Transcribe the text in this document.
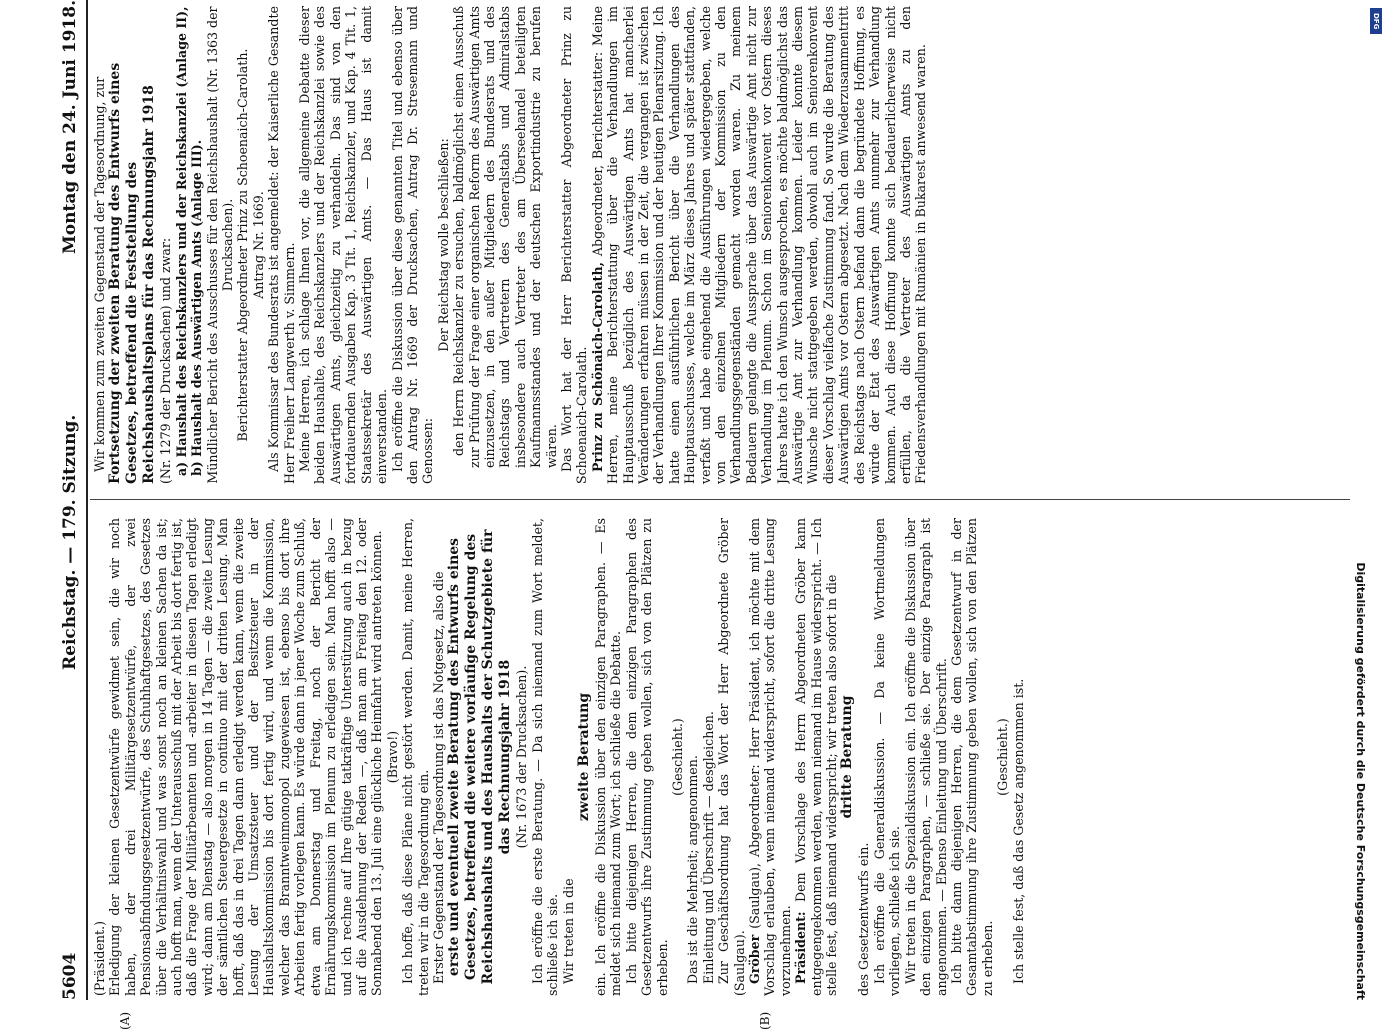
5604
Reichstag. — 179. Sitzung.
Montag den 24. Juni 1918.
(A)	(B)

(Präsident.) Erledigung der kleinen Gesetzentwürfe gewidmet sein, die wir noch haben, der drei Militärgesetzentwürfe, der zwei Pensionsabfindungsgesetzentwürfe, des Schuhhaftgesetzes, des Gesetzes über die Verhältniswahl und was sonst noch an kleinen Sachen da ist; auch hofft man, wenn der Unterausschuß mit der Arbeit bis dort fertig ist, daß die Frage der Militärbeamten und -arbeiter in diesen Tagen erledigt wird; dann am Dienstag — also morgen in 14 Tagen — die zweite Lesung der sämtlichen Steuergesetze in continuo mit der dritten Lesung. Man hofft, daß das in drei Tagen dann erledigt werden kann, wenn die zweite Lesung der Umsatzsteuer und der Besitzsteuer in der Haushaltskommission bis dort fertig wird, und wenn die Kommission, welcher das Branntweinmonopol zugewiesen ist, ebenso bis dort ihre Arbeiten fertig vorlegen kann. Es würde dann in jener Woche zum Schluß, etwa am Donnerstag und Freitag, noch der Bericht der Ernährungskommission im Plenum zu erledigen sein. Man hofft also — und ich rechne auf Ihre gütige tatkräftige Unterstützung auch in bezug auf die Ausdehnung der Reden —, daß man am Freitag den 12. oder Sonnabend den 13. Juli eine glückliche Heimfahrt wird antreten können. (Bravo!) Ich hoffe, daß diese Pläne nicht gestört werden. Damit, meine Herren, treten wir in die Tagesordnung ein. Erster Gegenstand der Tagesordnung ist das Notgesetz, also die erste und eventuell zweite Beratung des Entwurfs eines Gesetzes, betreffend die weitere vorläufige Regelung des Reichshaushalts und des Haushalts der Schutzgebiete für das Rechnungsjahr 1918 (Nr. 1673 der Drucksachen). Ich eröffne die erste Beratung. — Da sich niemand zum Wort meldet, schließe ich sie. Wir treten in die

zweite Beratung ein. Ich eröffne die Diskussion über den einzigen Paragraphen. — Es meldet sich niemand zum Wort; ich schließe die Debatte. Ich bitte diejenigen Herren, die dem einzigen Paragraphen des Gesetzentwurfs ihre Zustimmung geben wollen, sich von den Plätzen zu erheben.

(Geschieht.) Das ist die Mehrheit; angenommen. Einleitung und Überschrift — desgleichen. Zur Geschäftsordnung hat das Wort der Herr Abgeordnete Gröber (Saulgau). Gröber (Saulgau), Abgeordneter: Herr Präsident, ich möchte mit dem Vorschlag erlauben, wenn niemand widerspricht, sofort die dritte Lesung vorzunehmen. Präsident: Dem Vorschlage des Herrn Abgeordneten Gröber kann entgegengekommen werden, wenn niemand im Hause widerspricht. — Ich stelle fest, daß niemand widerspricht; wir treten also sofort in die dritte Beratung

des Gesetzentwurfs ein. Ich eröffne die Generaldiskussion. — Da keine Wortmeldungen vorliegen, schließe ich sie. Wir treten in die Spezialdiskussion ein. Ich eröffne die Diskussion über den einzigen Paragraphen, — schließe sie. Der einzige Paragraph ist angenommen. — Ebenso Einleitung und Überschrift. Ich bitte dann diejenigen Herren, die dem Gesetzentwurf in der Gesamtabstimmung ihre Zustimmung geben wollen, sich von den Plätzen zu erheben.

(Geschieht.) Ich stelle fest, daß das Gesetz angenommen ist.

Wir kommen zum zweiten Gegenstand der Tagesordnung, zur Fortsetzung der zweiten Beratung des Entwurfs eines Gesetzes, betreffend die Feststellung des Reichshaushaltsplans für das Rechnungsjahr 1918 (Nr. 1279 der Drucksachen) und zwar: a) Haushalt des Reichskanzlers und der Reichskanzlei (Anlage II), b) Haushalt des Auswärtigen Amts (Anlage III). Mündlicher Bericht des Ausschusses für den Reichshaushalt (Nr. 1363 der Drucksachen). Berichterstatter Abgeordneter Prinz zu Schoenaich-Carolath. Antrag Nr. 1669. Als Kommissar des Bundesrats ist angemeldet: der Kaiserliche Gesandte Herr Freiherr Langwerth v. Simmern. Meine Herren, ich schlage Ihnen vor, die allgemeine Debatte dieser beiden Haushalte, des Reichskanzlers und der Reichskanzlei sowie des Auswärtigen Amts, gleichzeitig zu verhandeln. Das sind von den fortdauernden Ausgaben Kap. 3 Tit. 1, Reichskanzler, und Kap. 4 Tit. 1, Staatssekretär des Auswärtigen Amts. — Das Haus ist damit einverstanden. Ich eröffne die Diskussion über diese genannten Titel und ebenso über den Antrag Nr. 1669 der Drucksachen, Antrag Dr. Stresemann und Genossen:

Der Reichstag wolle beschließen: den Herrn Reichskanzler zu ersuchen, baldmöglichst einen Ausschuß zur Prüfung der Frage einer organischen Reform des Auswärtigen Amts einzusetzen, in den außer Mitgliedern des Bundesrats und des Reichstags und Vertretern des Generalstabs und Admiralstabs insbesondere auch Vertreter des am Überseehandel beteiligten Kaufmannsstandes und der deutschen Exportindustrie zu berufen wären. Das Wort hat der Herr Berichterstatter Abgeordneter Prinz zu Schoenaich-Carolath. Prinz zu Schönaich-Carolath, Abgeordneter, Berichterstatter: Meine Herren, meine Berichterstattung über die Verhandlungen im Hauptausschuß bezüglich des Auswärtigen Amts hat mancherlei Veränderungen erfahren müssen in der Zeit, die vergangen ist zwischen der Verhandlungen Ihrer Kommission und der heutigen Plenarsitzung. Ich hatte einen ausführlichen Bericht über die Verhandlungen des Hauptausschusses, welche im März dieses Jahres und später stattfanden, verfaßt und habe eingehend die Ausführungen wiedergegeben, welche von den einzelnen Mitgliedern der Kommission zu den Verhandlungsgegenständen gemacht worden waren. Zu meinem Bedauern gelangte die Aussprache über das Auswärtige Amt nicht zur Verhandlung im Plenum. Schon im Seniorenkonvent vor Ostern dieses Jahres hatte ich den Wunsch ausgesprochen, es möchte baldmöglichst das Auswärtige Amt zur Verhandlung kommen. Leider konnte diesem Wunsche nicht stattgegeben werden, obwohl auch im Seniorenkonvent dieser Vorschlag vielfache Zustimmung fand. So wurde die Beratung des Auswärtigen Amts vor Ostern abgesetzt. Nach dem Wiederzusammentritt des Reichstags nach Ostern befand dann die begründete Hoffnung, es würde der Etat des Auswärtigen Amts nunmehr zur Verhandlung kommen. Auch diese Hoffnung konnte sich bedauerlicherweise nicht erfüllen, da die Vertreter des Auswärtigen Amts zu den Friedensverhandlungen mit Rumänien in Bukarest anwesend waren.

Digitalisierung gefördert durch die Deutsche Forschungsgemeinschaft
DFG
